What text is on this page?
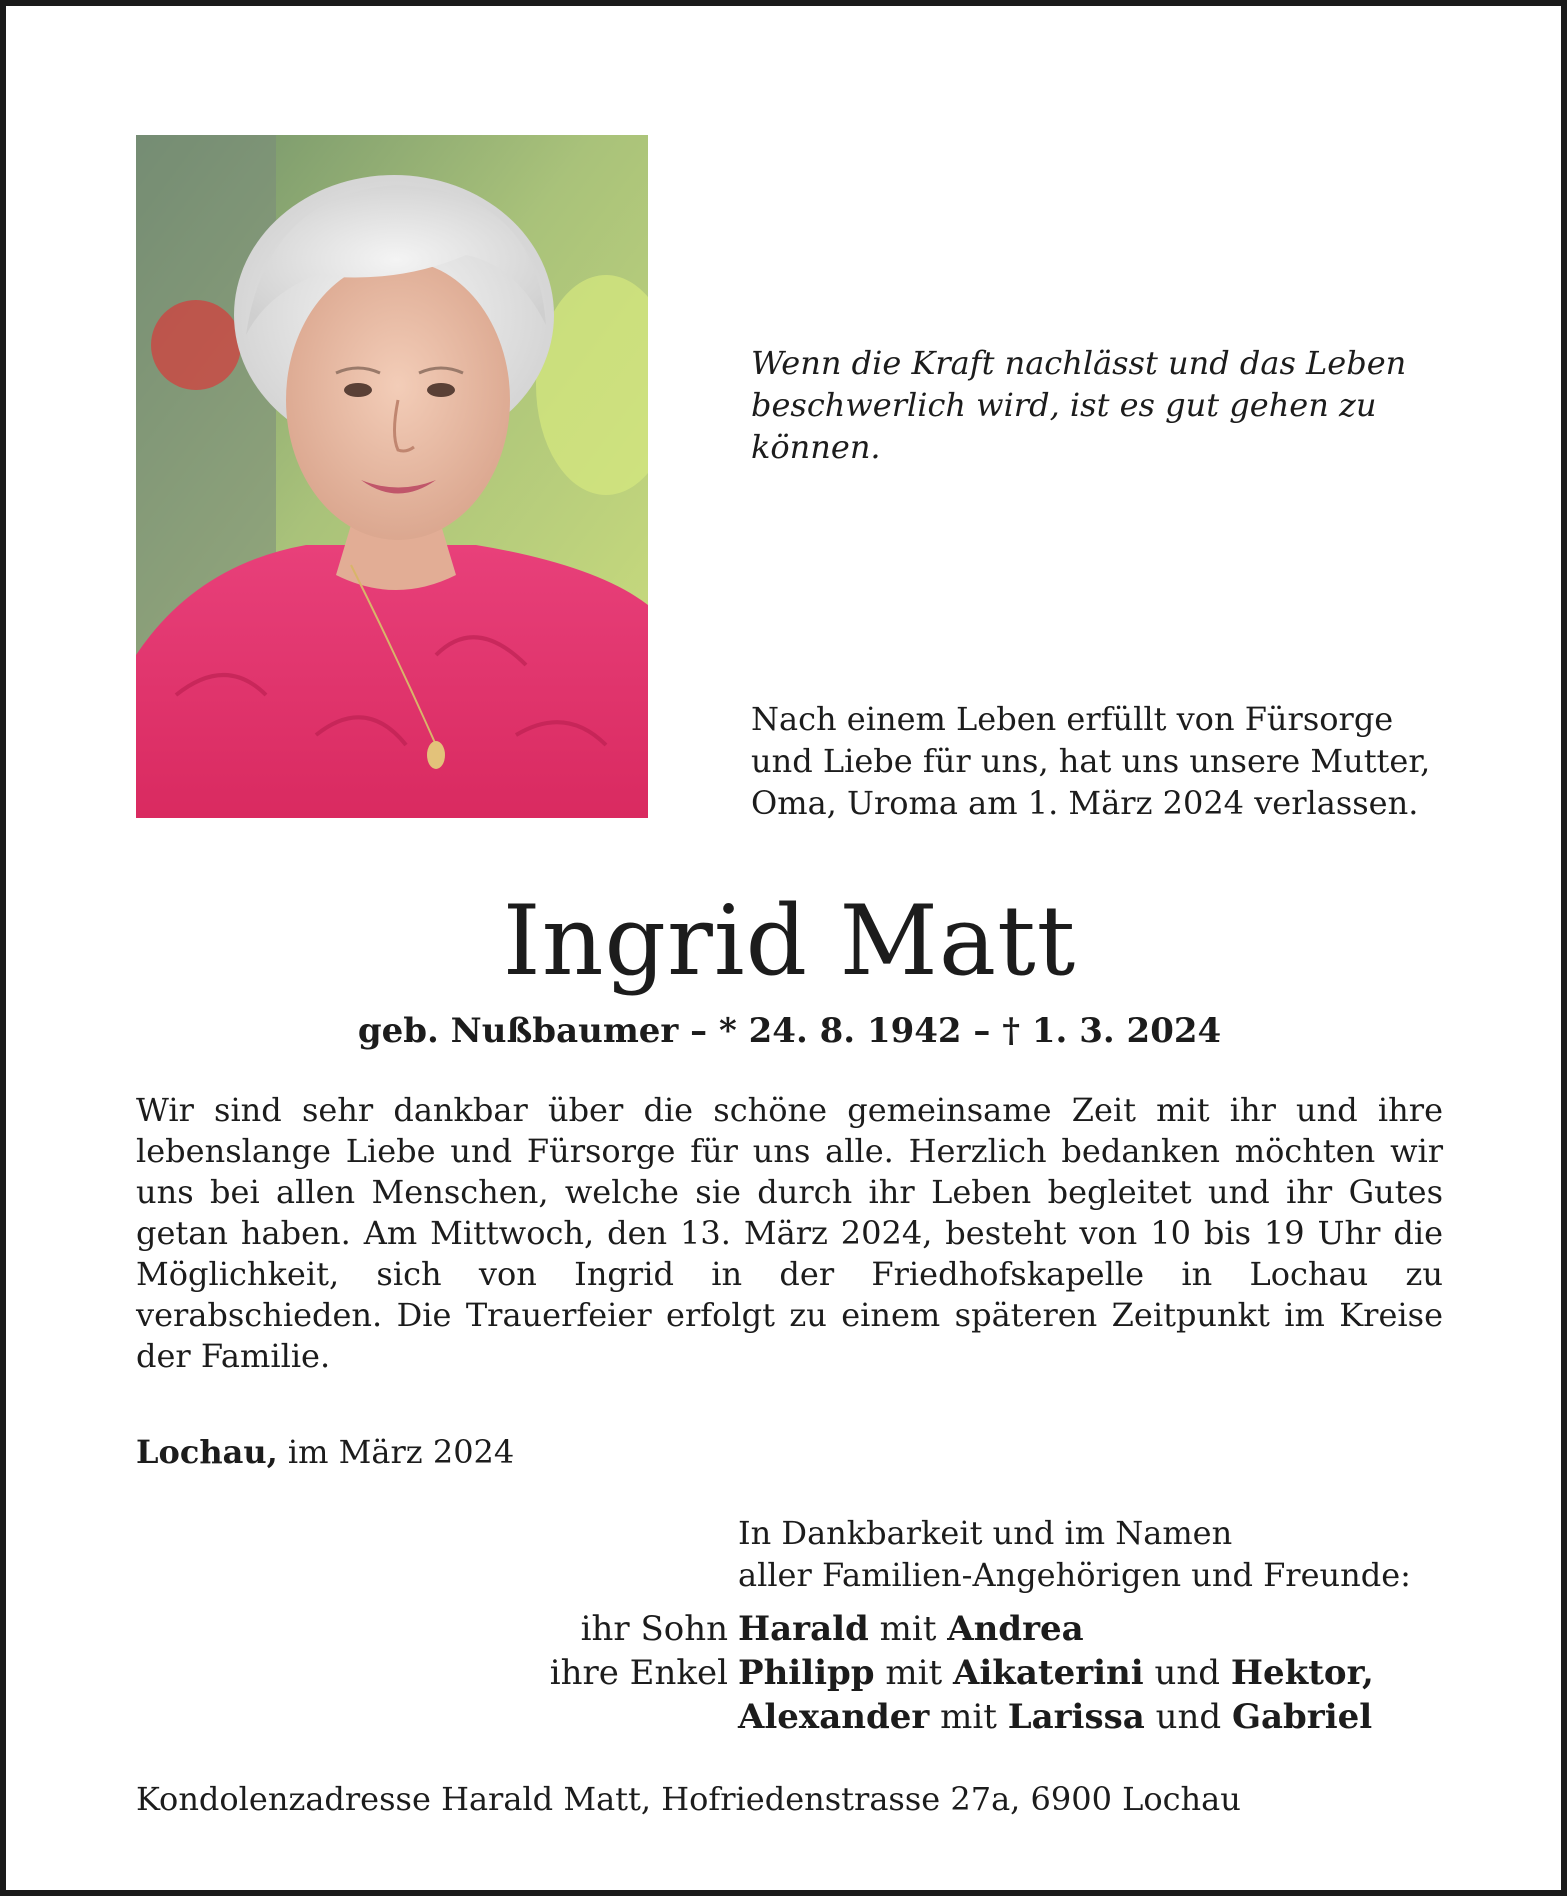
Wenn die Kraft nachlässt und das Leben
beschwerlich wird, ist es gut gehen zu
können.

Nach einem Leben erfüllt von Fürsorge
und Liebe für uns, hat uns unsere Mutter,
Oma, Uroma am 1. März 2024 verlassen.

Ingrid Matt

geb. Nußbaumer – * 24. 8. 1942 – † 1. 3. 2024

Wir sind sehr dankbar über die schöne gemeinsame Zeit mit ihr und ihre lebenslange Liebe und Fürsorge für uns alle. Herzlich bedanken möchten wir uns bei allen Menschen, welche sie durch ihr Leben begleitet und ihr Gutes getan haben. Am Mittwoch, den 13. März 2024, besteht von 10 bis 19 Uhr die Möglichkeit, sich von Ingrid in der Friedhofskapelle in Lochau zu verabschieden. Die Trauerfeier erfolgt zu einem späteren Zeitpunkt im Kreise der Familie.

Lochau, im März 2024

In Dankbarkeit und im Namen
aller Familien-Angehörigen und Freunde:

ihr Sohn Harald mit Andrea
ihre Enkel Philipp mit Aikaterini und Hektor,
Alexander mit Larissa und Gabriel

Kondolenzadresse Harald Matt, Hofriedenstrasse 27a, 6900 Lochau
